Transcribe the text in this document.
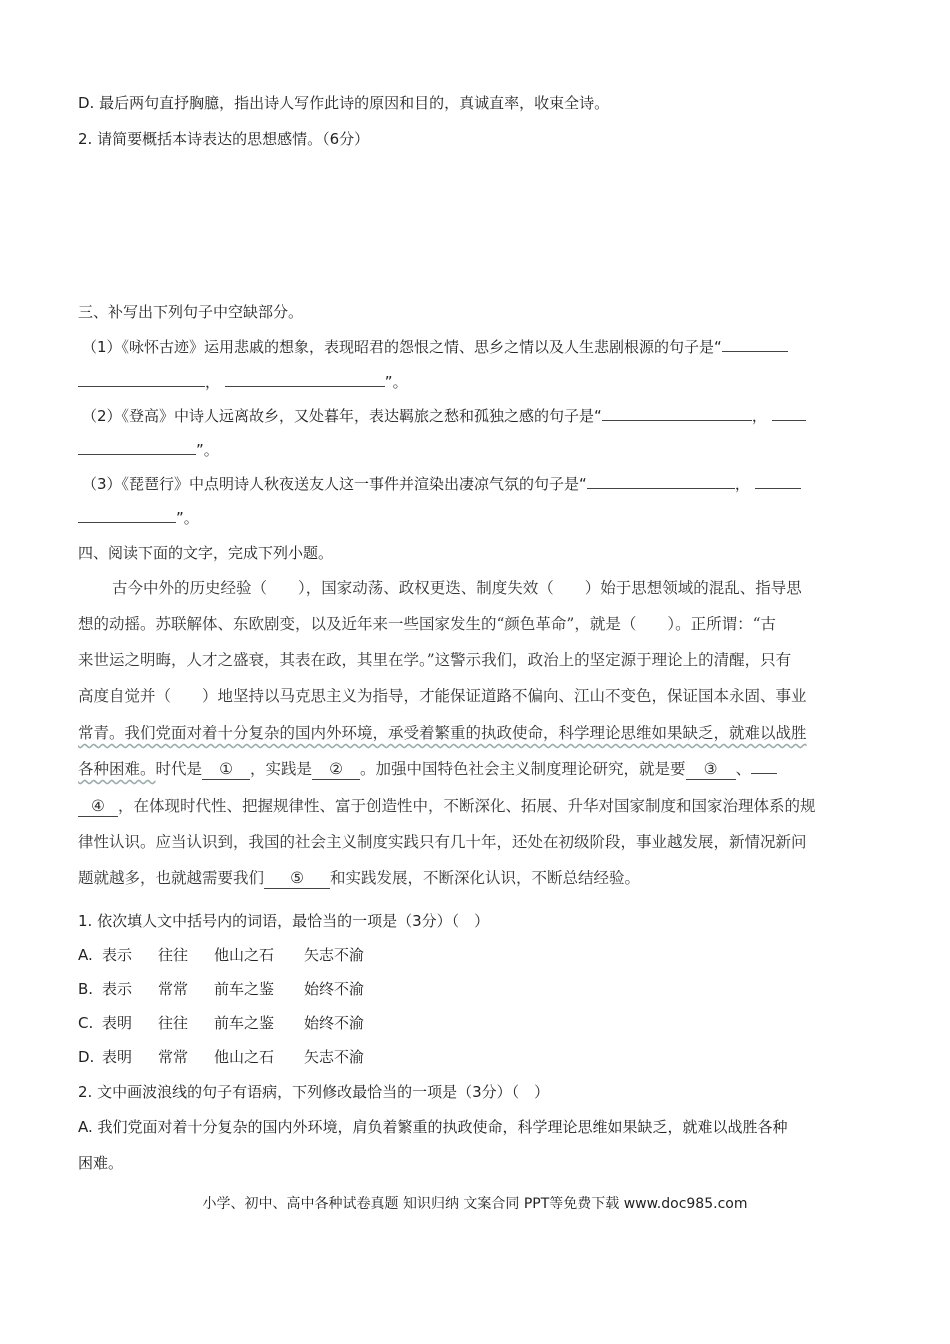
D. 最后两句直抒胸臆，指出诗人写作此诗的原因和目的，真诚直率，收束全诗。
2. 请简要概括本诗表达的思想感情。（6分）
三、补写出下列句子中空缺部分。
（1）《咏怀古迹》运用悲戚的想象，表现昭君的怨恨之情、思乡之情以及人生悲剧根源的句子是“
，	”。
（2）《登高》中诗人远离故乡，又处暮年，表达羁旅之愁和孤独之感的句子是“	，
”。
（3）《琵琶行》中点明诗人秋夜送友人这一事件并渲染出凄凉气氛的句子是“	，
”。
四、阅读下面的文字，完成下列小题。
古今中外的历史经验（　　），国家动荡、政权更迭、制度失效（　　）始于思想领域的混乱、指导思
想的动摇。苏联解体、东欧剧变，以及近年来一些国家发生的“颜色革命”，就是（　　）。正所谓：“古
来世运之明晦，人才之盛衰，其表在政，其里在学。”这警示我们，政治上的坚定源于理论上的清醒，只有
高度自觉并（　　）地坚持以马克思主义为指导，才能保证道路不偏向、江山不变色，保证国本永固、事业
常青。我们党面对着十分复杂的国内外环境，承受着繁重的执政使命，科学理论思维如果缺乏，就难以战胜
各种困难。时代是 ① ，实践是 ② 。加强中国特色社会主义制度理论研究，就是要 ③ 、
④ ，在体现时代性、把握规律性、富于创造性中，不断深化、拓展、升华对国家制度和国家治理体系的规
律性认识。应当认识到，我国的社会主义制度实践只有几十年，还处在初级阶段，事业越发展，新情况新问
题就越多，也就越需要我们 ⑤ 和实践发展，不断深化认识，不断总结经验。
1. 依次填人文中括号内的词语，最恰当的一项是（3分）（　）
A. 表示 往往 他山之石 矢志不渝
B. 表示 常常 前车之鉴 始终不渝
C. 表明 往往 前车之鉴 始终不渝
D. 表明 常常 他山之石 矢志不渝
2. 文中画波浪线的句子有语病，下列修改最恰当的一项是（3分）（　）
A. 我们党面对着十分复杂的国内外环境，肩负着繁重的执政使命，科学理论思维如果缺乏，就难以战胜各种
困难。
小学、初中、高中各种试卷真题 知识归纳 文案合同 PPT等免费下载 www.doc985.com
